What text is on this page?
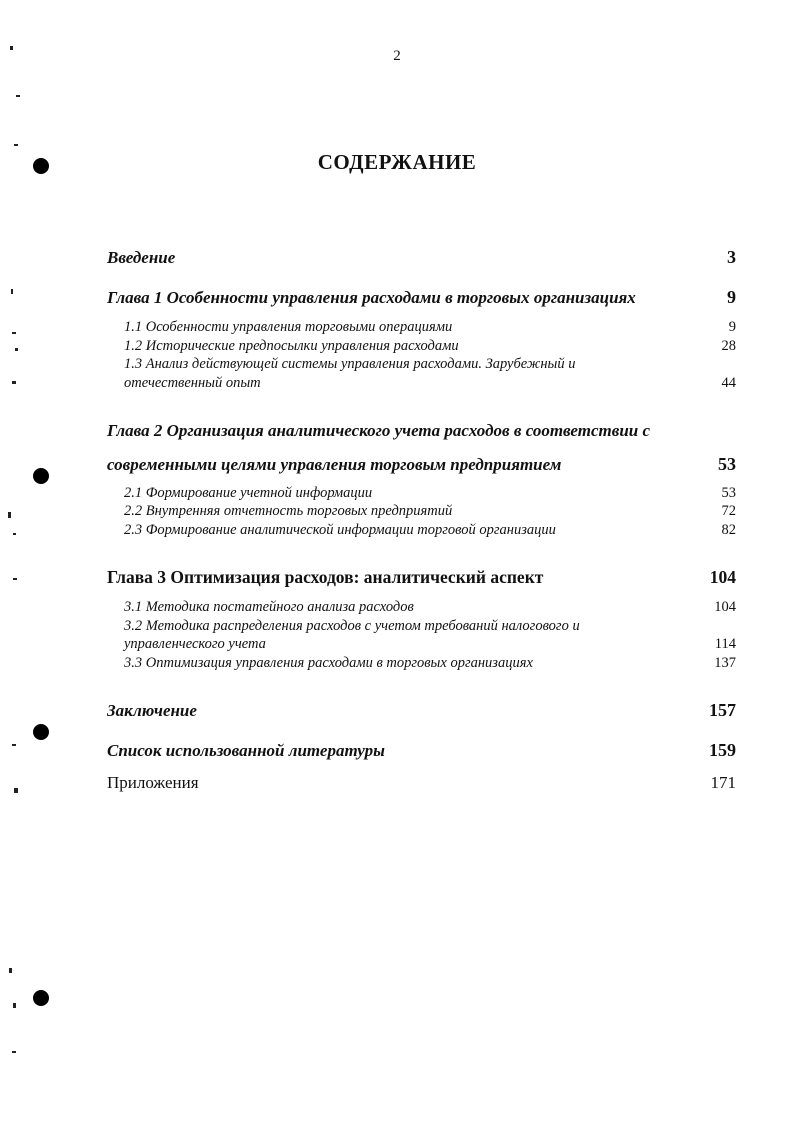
2
СОДЕРЖАНИЕ
Введение	3
Глава 1 Особенности управления расходами в торговых организациях	9
1.1 Особенности управления торговыми операциями	9
1.2 Исторические предпосылки управления расходами	28
1.3 Анализ действующей системы управления расходами. Зарубежный и
отечественный опыт	44
Глава 2 Организация аналитического учета расходов в соответствии с
современными целями управления торговым предприятием	53
2.1 Формирование учетной информации	53
2.2 Внутренняя отчетность торговых предприятий	72
2.3 Формирование аналитической информации торговой организации	82
Глава 3 Оптимизация расходов: аналитический аспект	104
3.1 Методика постатейного анализа расходов	104
3.2 Методика распределения расходов с учетом требований налогового и
управленческого учета	114
3.3 Оптимизация управления расходами в торговых организациях	137
Заключение	157
Список использованной литературы	159
Приложения	171
